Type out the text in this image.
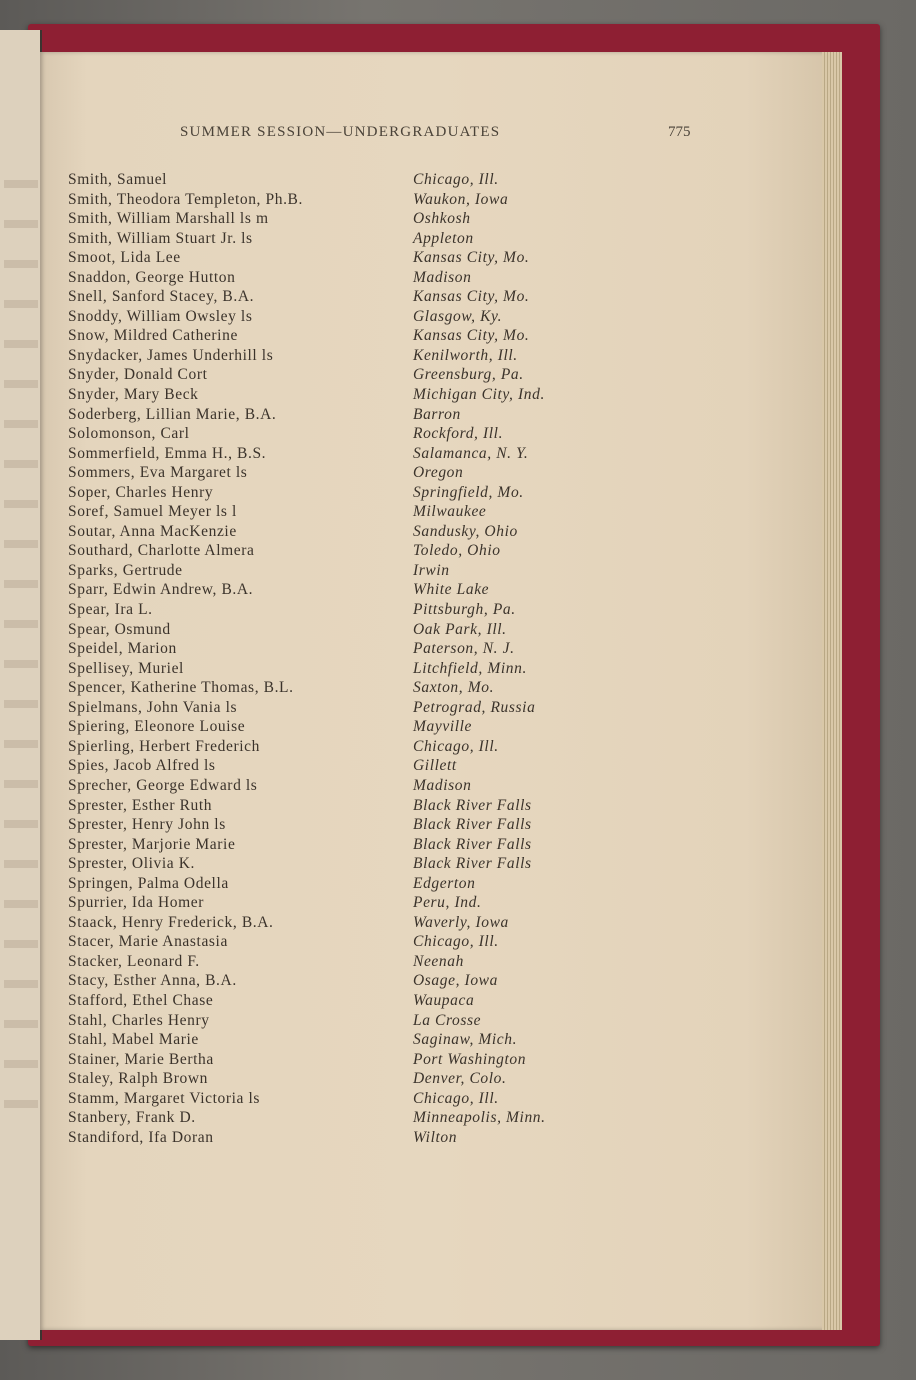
SUMMER SESSION—UNDERGRADUATES	775
Smith, Samuel	Chicago, Ill.
Smith, Theodora Templeton, Ph.B.	Waukon, Iowa
Smith, William Marshall ls m	Oshkosh
Smith, William Stuart Jr. ls	Appleton
Smoot, Lida Lee	Kansas City, Mo.
Snaddon, George Hutton	Madison
Snell, Sanford Stacey, B.A.	Kansas City, Mo.
Snoddy, William Owsley ls	Glasgow, Ky.
Snow, Mildred Catherine	Kansas City, Mo.
Snydacker, James Underhill ls	Kenilworth, Ill.
Snyder, Donald Cort	Greensburg, Pa.
Snyder, Mary Beck	Michigan City, Ind.
Soderberg, Lillian Marie, B.A.	Barron
Solomonson, Carl	Rockford, Ill.
Sommerfield, Emma H., B.S.	Salamanca, N. Y.
Sommers, Eva Margaret ls	Oregon
Soper, Charles Henry	Springfield, Mo.
Soref, Samuel Meyer ls l	Milwaukee
Soutar, Anna MacKenzie	Sandusky, Ohio
Southard, Charlotte Almera	Toledo, Ohio
Sparks, Gertrude	Irwin
Sparr, Edwin Andrew, B.A.	White Lake
Spear, Ira L.	Pittsburgh, Pa.
Spear, Osmund	Oak Park, Ill.
Speidel, Marion	Paterson, N. J.
Spellisey, Muriel	Litchfield, Minn.
Spencer, Katherine Thomas, B.L.	Saxton, Mo.
Spielmans, John Vania ls	Petrograd, Russia
Spiering, Eleonore Louise	Mayville
Spierling, Herbert Frederich	Chicago, Ill.
Spies, Jacob Alfred ls	Gillett
Sprecher, George Edward ls	Madison
Sprester, Esther Ruth	Black River Falls
Sprester, Henry John ls	Black River Falls
Sprester, Marjorie Marie	Black River Falls
Sprester, Olivia K.	Black River Falls
Springen, Palma Odella	Edgerton
Spurrier, Ida Homer	Peru, Ind.
Staack, Henry Frederick, B.A.	Waverly, Iowa
Stacer, Marie Anastasia	Chicago, Ill.
Stacker, Leonard F.	Neenah
Stacy, Esther Anna, B.A.	Osage, Iowa
Stafford, Ethel Chase	Waupaca
Stahl, Charles Henry	La Crosse
Stahl, Mabel Marie	Saginaw, Mich.
Stainer, Marie Bertha	Port Washington
Staley, Ralph Brown	Denver, Colo.
Stamm, Margaret Victoria ls	Chicago, Ill.
Stanbery, Frank D.	Minneapolis, Minn.
Standiford, Ifa Doran	Wilton
